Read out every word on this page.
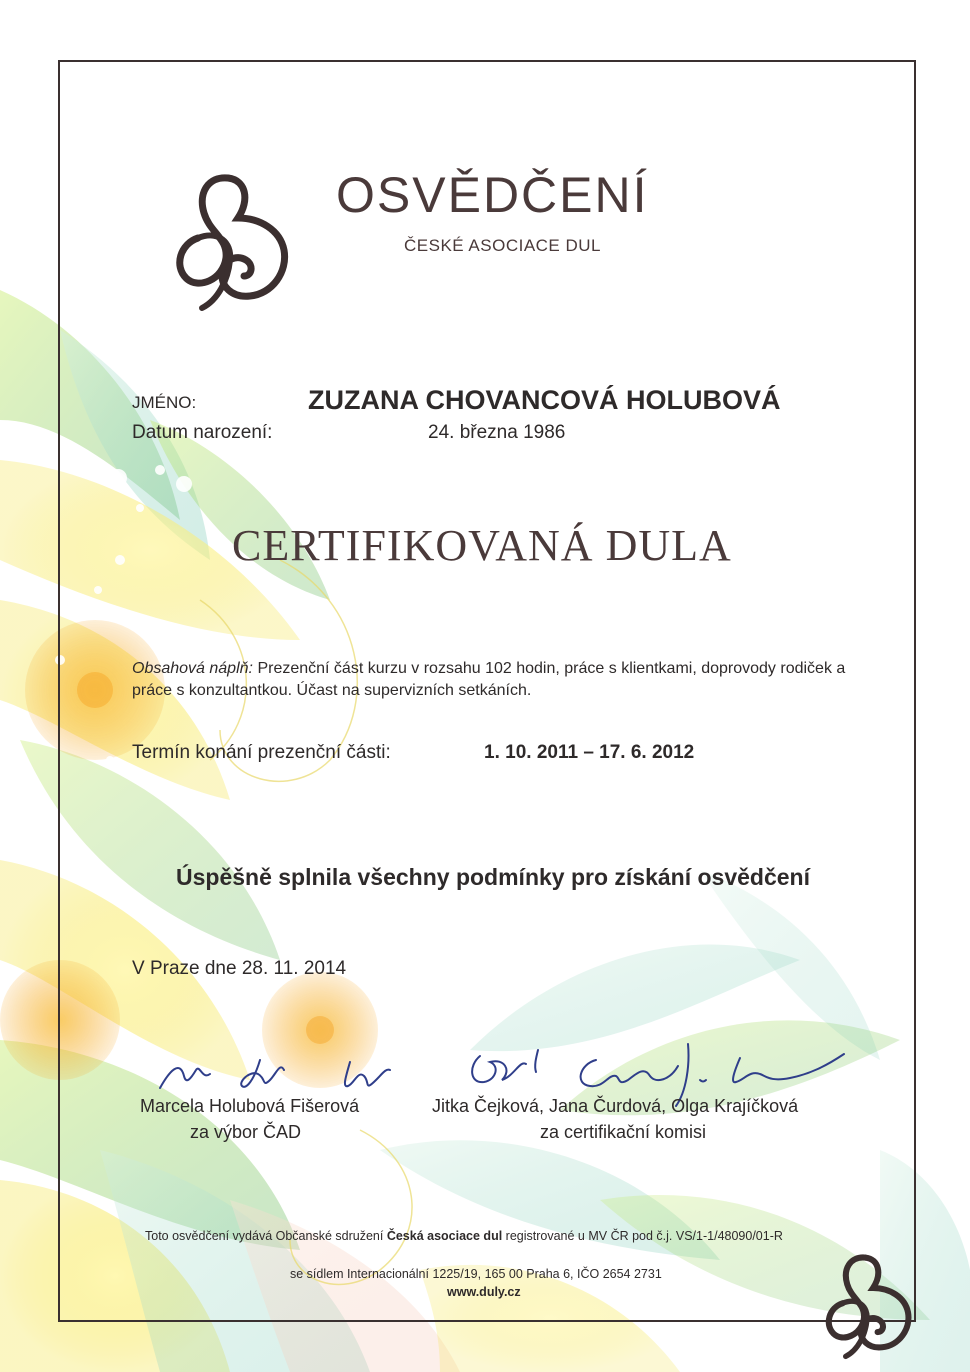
OSVĚDČENÍ
ČESKÉ ASOCIACE DUL
JMÉNO:	ZUZANA CHOVANCOVÁ HOLUBOVÁ
Datum narození:	24. března 1986
CERTIFIKOVANÁ DULA
Obsahová náplň: Prezenční část kurzu v rozsahu 102 hodin, práce s klientkami, doprovody rodiček a práce s konzultantkou. Účast na supervizních setkáních.
Termín konání prezenční části:	1. 10. 2011 – 17. 6. 2012
Úspěšně splnila všechny podmínky pro získání osvědčení
V Praze dne 28. 11. 2014
Marcela Holubová Fišerová
za výbor ČAD
Jitka Čejková, Jana Čurdová, Olga Krajíčková
za certifikační komisi
Toto osvědčení vydává Občanské sdružení Česká asociace dul registrované u MV ČR pod č.j. VS/1-1/48090/01-R
se sídlem Internacionální 1225/19, 165 00 Praha 6, IČO 2654 2731
www.duly.cz
